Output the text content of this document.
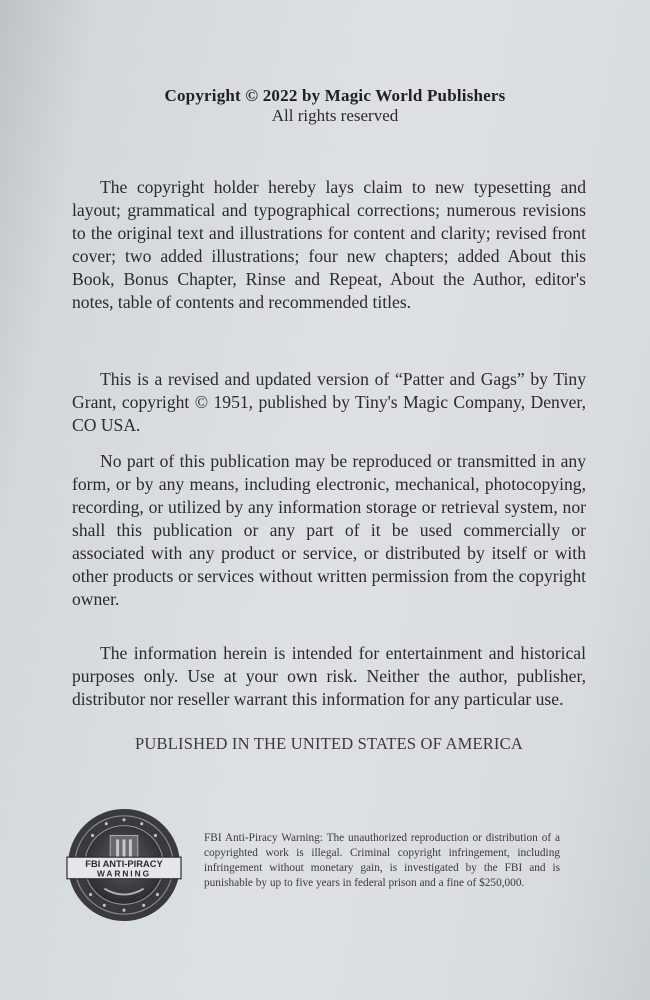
Copyright © 2022 by Magic World Publishers
All rights reserved

The copyright holder hereby lays claim to new typesetting and layout; grammatical and typographical corrections; numerous revisions to the original text and illustrations for content and clarity; revised front cover; two added illustrations; four new chapters; added About this Book, Bonus Chapter, Rinse and Repeat, About the Author, editor's notes, table of contents and recommended titles.

This is a revised and updated version of “Patter and Gags” by Tiny Grant, copyright © 1951, published by Tiny's Magic Company, Denver, CO USA.

No part of this publication may be reproduced or transmitted in any form, or by any means, including electronic, mechanical, photocopying, recording, or utilized by any information storage or retrieval system, nor shall this publication or any part of it be used commercially or associated with any product or service, or distributed by itself or with other products or services without written permission from the copyright owner.

The information herein is intended for entertainment and historical purposes only. Use at your own risk. Neither the author, publisher, distributor nor reseller warrant this information for any particular use.

PUBLISHED IN THE UNITED STATES OF AMERICA
FBI ANTI-PIRACY
WARNING

FBI Anti-Piracy Warning: The unauthorized reproduction or distribution of a copyrighted work is illegal. Criminal copyright infringement, including infringement without monetary gain, is investigated by the FBI and is punishable by up to five years in federal prison and a fine of $250,000.
